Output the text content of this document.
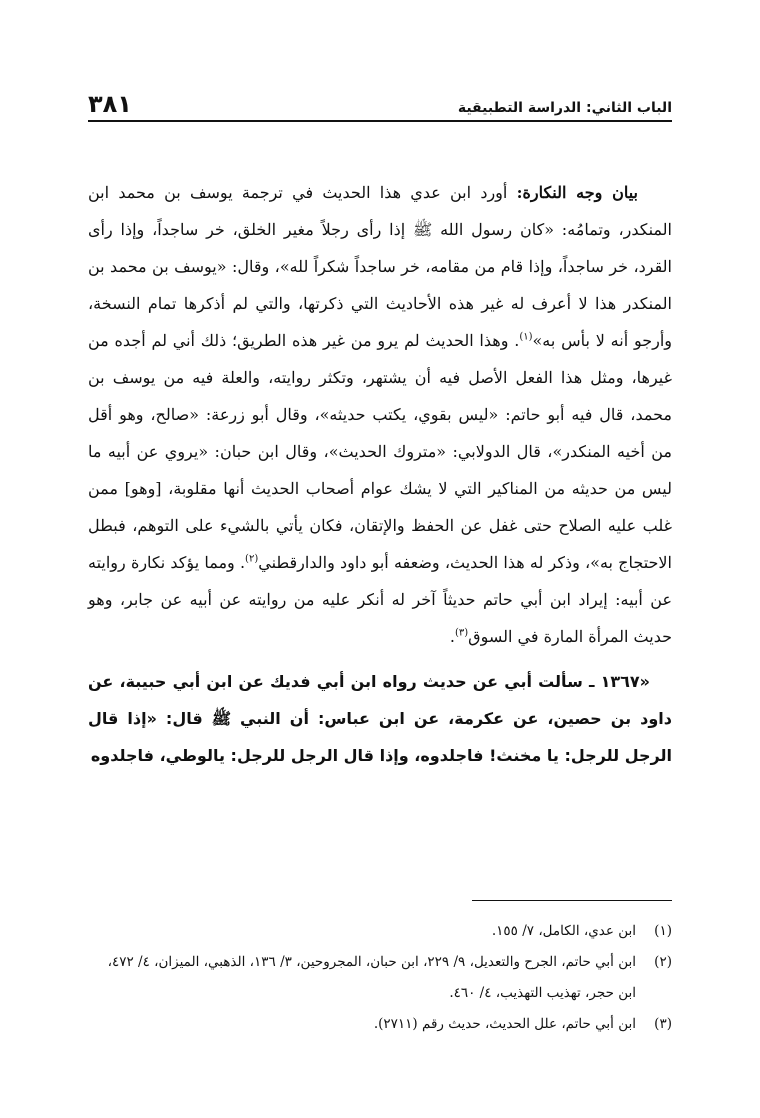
الباب الثاني: الدراسة التطبيقية
٣٨١

بيان وجه النكارة: أورد ابن عدي هذا الحديث في ترجمة يوسف بن محمد ابن المنكدر، وتمامُه: «كان رسول الله ﷺ إذا رأى رجلاً مغير الخلق، خر ساجداً، وإذا رأى القرد، خر ساجداً، وإذا قام من مقامه، خر ساجداً شكراً لله»، وقال: «يوسف بن محمد بن المنكدر هذا لا أعرف له غير هذه الأحاديث التي ذكرتها، والتي لم أذكرها تمام النسخة، وأرجو أنه لا بأس به»$^{(١)}$. وهذا الحديث لم يرو من غير هذه الطريق؛ ذلك أني لم أجده من غيرها، ومثل هذا الفعل الأصل فيه أن يشتهر، وتكثر روايته، والعلة فيه من يوسف بن محمد، قال فيه أبو حاتم: «ليس بقوي، يكتب حديثه»، وقال أبو زرعة: «صالح، وهو أقل من أخيه المنكدر»، قال الدولابي: «متروك الحديث»، وقال ابن حبان: «يروي عن أبيه ما ليس من حديثه من المناكير التي لا يشك عوام أصحاب الحديث أنها مقلوبة، [وهو] ممن غلب عليه الصلاح حتى غفل عن الحفظ والإتقان، فكان يأتي بالشيء على التوهم، فبطل الاحتجاج به»، وذكر له هذا الحديث، وضعفه أبو داود والدارقطني$^{(٢)}$. ومما يؤكد نكارة روايته عن أبيه: إيراد ابن أبي حاتم حديثاً آخر له أنكر عليه من روايته عن أبيه عن جابر، وهو حديث المرأة المارة في السوق$^{(٣)}$.

«١٣٦٧ ـ سألت أبي عن حديث رواه ابن أبي فديك عن ابن أبي حبيبة، عن داود بن حصين، عن عكرمة، عن ابن عباس: أن النبي ﷺ قال: «إذا قال الرجل للرجل: يا مخنث! فاجلدوه، وإذا قال الرجل للرجل: يالوطي، فاجلدوه

(١)
ابن عدي، الكامل، ٧/ ١٥٥.

(٢)
ابن أبي حاتم، الجرح والتعديل، ٩/ ٢٢٩، ابن حبان، المجروحين، ٣/ ١٣٦، الذهبي، الميزان، ٤/ ٤٧٢، ابن حجر، تهذيب التهذيب، ٤/ ٤٦٠.

(٣)
ابن أبي حاتم، علل الحديث، حديث رقم (٢٧١١).
